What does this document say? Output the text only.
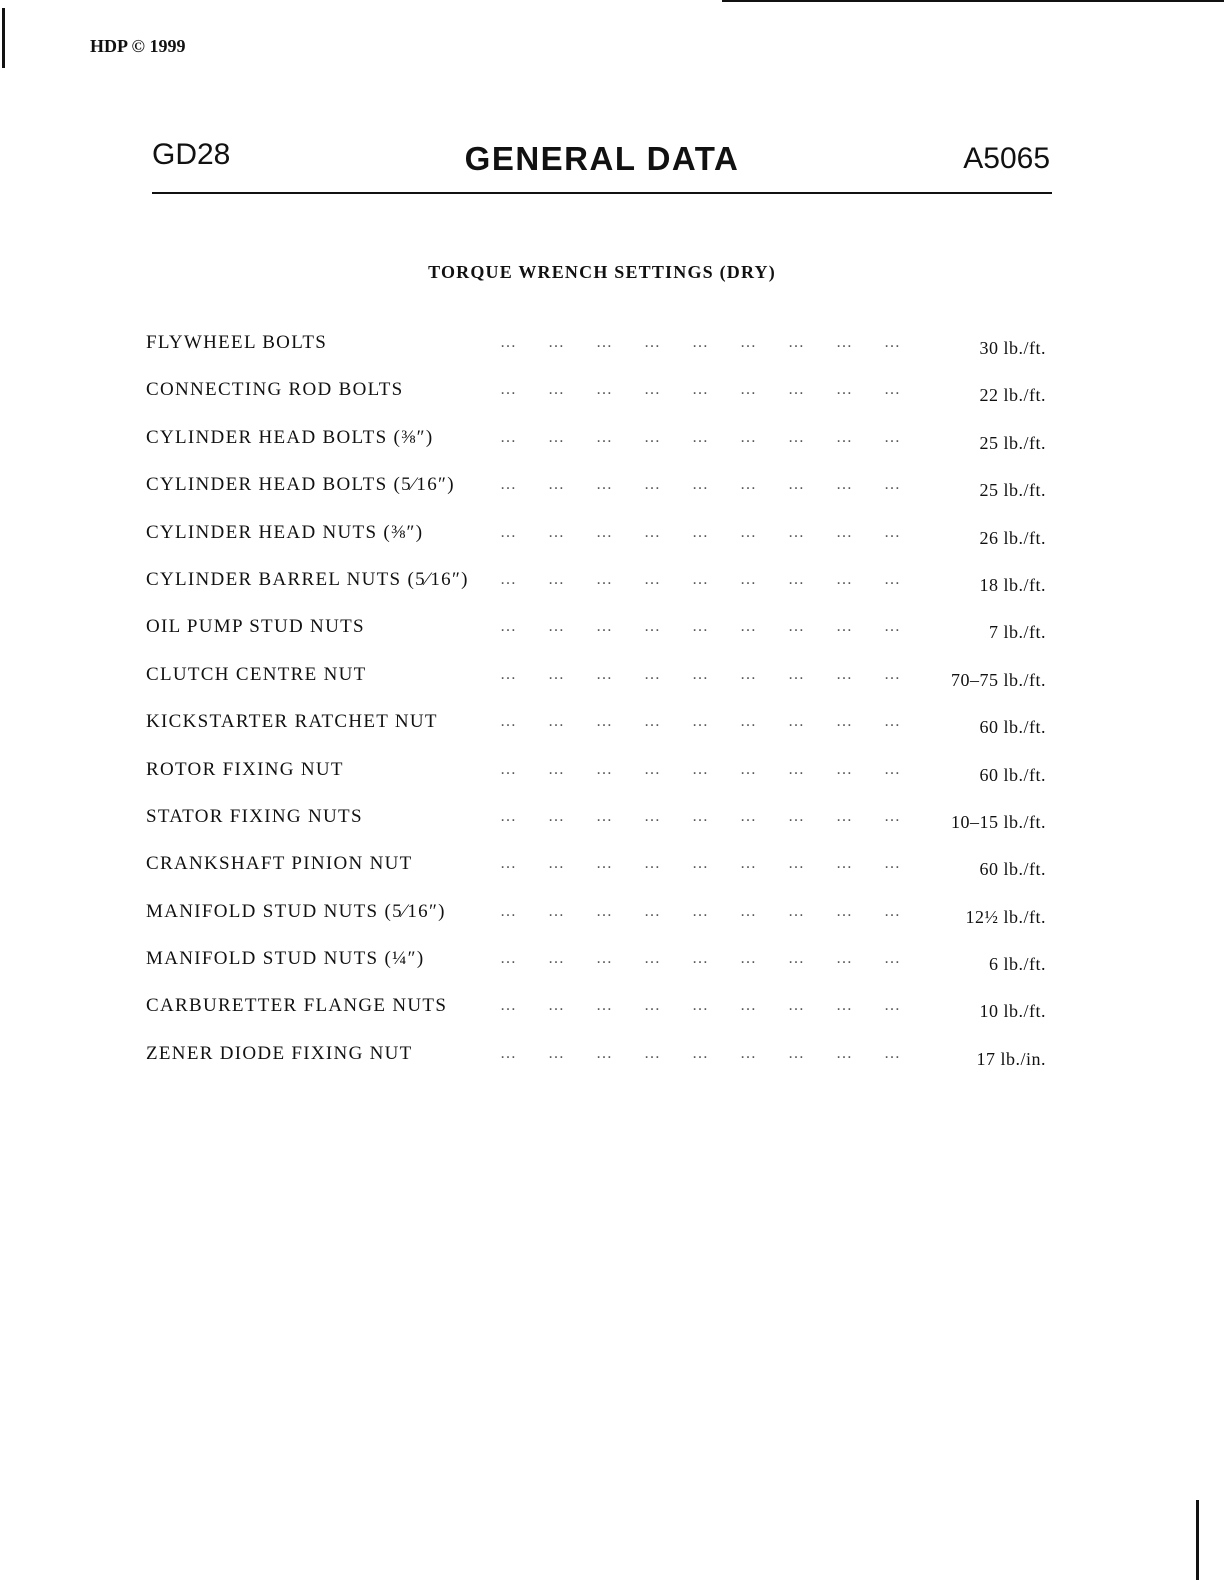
HDP © 1999
GD28	GENERAL DATA	A5065
TORQUE WRENCH SETTINGS (DRY)
FLYWHEEL BOLTS	… … … … … … … … …	30 lb./ft.
CONNECTING ROD BOLTS	… … … … … … … … …	22 lb./ft.
CYLINDER HEAD BOLTS (⅜″)	… … … … … … … … …	25 lb./ft.
CYLINDER HEAD BOLTS (5⁄16″)	… … … … … … … … …	25 lb./ft.
CYLINDER HEAD NUTS (⅜″)	… … … … … … … … …	26 lb./ft.
CYLINDER BARREL NUTS (5⁄16″)	… … … … … … … … …	18 lb./ft.
OIL PUMP STUD NUTS	… … … … … … … … …	7 lb./ft.
CLUTCH CENTRE NUT	… … … … … … … … …	70–75 lb./ft.
KICKSTARTER RATCHET NUT	… … … … … … … … …	60 lb./ft.
ROTOR FIXING NUT	… … … … … … … … …	60 lb./ft.
STATOR FIXING NUTS	… … … … … … … … …	10–15 lb./ft.
CRANKSHAFT PINION NUT	… … … … … … … … …	60 lb./ft.
MANIFOLD STUD NUTS (5⁄16″)	… … … … … … … … …	12½ lb./ft.
MANIFOLD STUD NUTS (¼″)	… … … … … … … … …	6 lb./ft.
CARBURETTER FLANGE NUTS	… … … … … … … … …	10 lb./ft.
ZENER DIODE FIXING NUT	… … … … … … … … …	17 lb./in.
